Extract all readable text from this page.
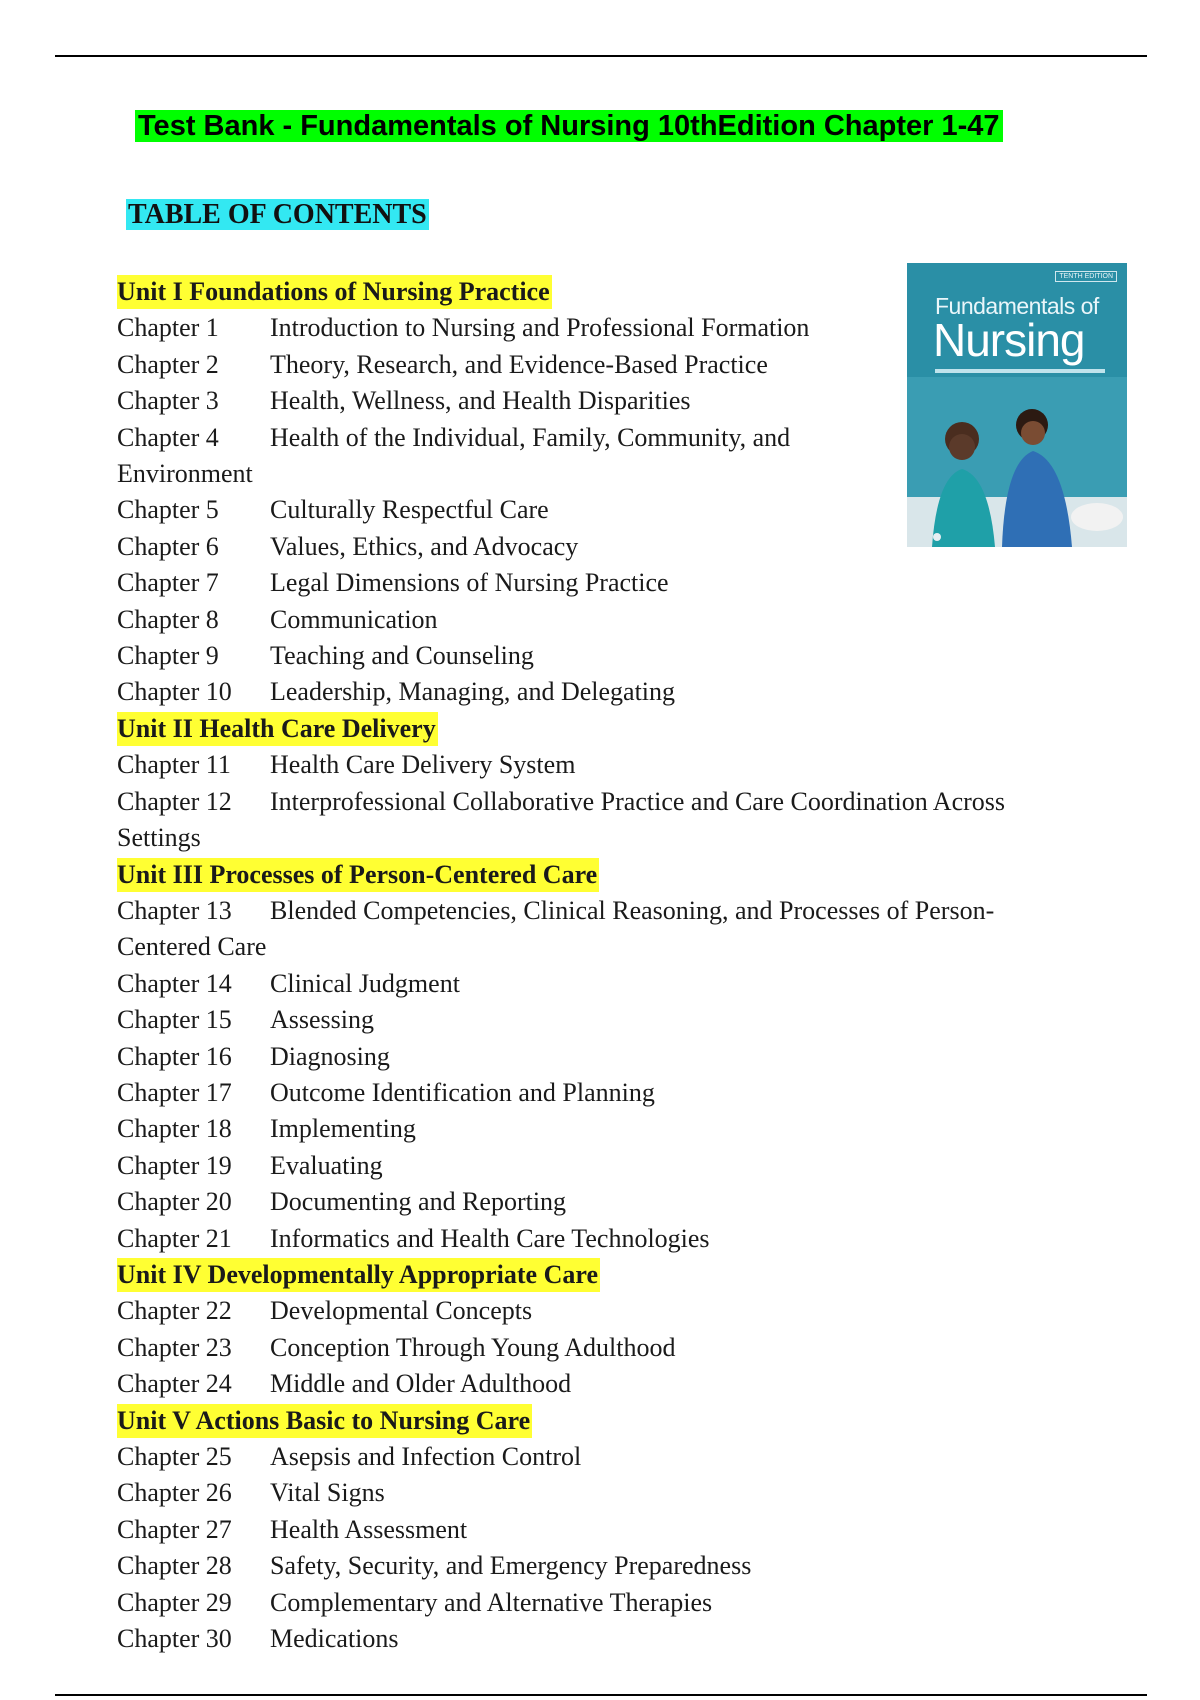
Test Bank - Fundamentals of Nursing 10thEdition Chapter 1-47
TABLE OF CONTENTS
TENTH EDITION
Fundamentals of
Nursing
Unit I Foundations of Nursing Practice
Chapter 1 Introduction to Nursing and Professional Formation
Chapter 2 Theory, Research, and Evidence-Based Practice
Chapter 3 Health, Wellness, and Health Disparities
Chapter 4 Health of the Individual, Family, Community, and
Environment
Chapter 5 Culturally Respectful Care
Chapter 6 Values, Ethics, and Advocacy
Chapter 7 Legal Dimensions of Nursing Practice
Chapter 8 Communication
Chapter 9 Teaching and Counseling
Chapter 10 Leadership, Managing, and Delegating
Unit II Health Care Delivery
Chapter 11 Health Care Delivery System
Chapter 12 Interprofessional Collaborative Practice and Care Coordination Across
Settings
Unit III Processes of Person-Centered Care
Chapter 13 Blended Competencies, Clinical Reasoning, and Processes of Person-
Centered Care
Chapter 14 Clinical Judgment
Chapter 15 Assessing
Chapter 16 Diagnosing
Chapter 17 Outcome Identification and Planning
Chapter 18 Implementing
Chapter 19 Evaluating
Chapter 20 Documenting and Reporting
Chapter 21 Informatics and Health Care Technologies
Unit IV Developmentally Appropriate Care
Chapter 22 Developmental Concepts
Chapter 23 Conception Through Young Adulthood
Chapter 24 Middle and Older Adulthood
Unit V Actions Basic to Nursing Care
Chapter 25 Asepsis and Infection Control
Chapter 26 Vital Signs
Chapter 27 Health Assessment
Chapter 28 Safety, Security, and Emergency Preparedness
Chapter 29 Complementary and Alternative Therapies
Chapter 30 Medications
